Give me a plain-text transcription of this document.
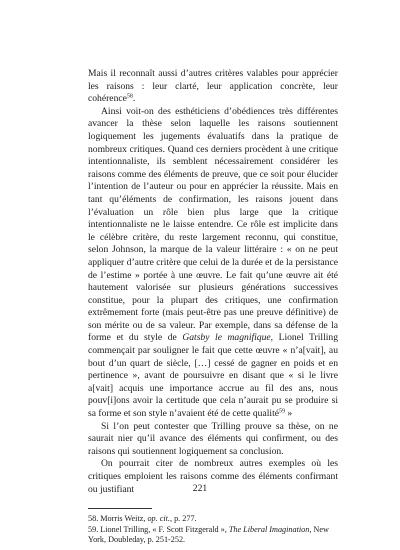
Mais il reconnaît aussi d’autres critères valables pour apprécier les raisons : leur clarté, leur application concrète, leur cohérence$^{58}$.

Ainsi voit-on des esthéticiens d’obédiences très différentes avancer la thèse selon laquelle les raisons soutiennent logiquement les jugements évaluatifs dans la pratique de nombreux critiques. Quand ces derniers procèdent à une critique intentionnaliste, ils semblent nécessairement considérer les raisons comme des éléments de preuve, que ce soit pour élucider l’intention de l’auteur ou pour en apprécier la réussite. Mais en tant qu’éléments de confirmation, les raisons jouent dans l’évaluation un rôle bien plus large que la critique intentionnaliste ne le laisse entendre. Ce rôle est implicite dans le célèbre critère, du reste largement reconnu, qui constitue, selon Johnson, la marque de la valeur littéraire : « on ne peut appliquer d’autre critère que celui de la durée et de la persistance de l’estime » portée à une œuvre. Le fait qu’une œuvre ait été hautement valorisée sur plusieurs générations successives constitue, pour la plupart des critiques, une confirmation extrêmement forte (mais peut-être pas une preuve définitive) de son mérite ou de sa valeur. Par exemple, dans sa défense de la forme et du style de Gatsby le magnifique, Lionel Trilling commençait par souligner le fait que cette œuvre « n’a[vait], au bout d’un quart de siècle, […] cessé de gagner en poids et en pertinence », avant de poursuivre en disant que « si le livre a[vait] acquis une importance accrue au fil des ans, nous pouv[i]ons avoir la certitude que cela n’aurait pu se produire si sa forme et son style n’avaient été de cette qualité$^{59}$ »

Si l’on peut contester que Trilling prouve sa thèse, on ne saurait nier qu’il avance des éléments qui confirment, ou des raisons qui soutiennent logiquement sa conclusion.

On pourrait citer de nombreux autres exemples où les critiques emploient les raisons comme des éléments confirmant ou justifiant

58. Morris Weitz, op. cit., p. 277.

59. Lionel Trilling, « F. Scott Fitzgerald », The Liberal Imagination, New York, Doubleday, p. 251-252.

221
